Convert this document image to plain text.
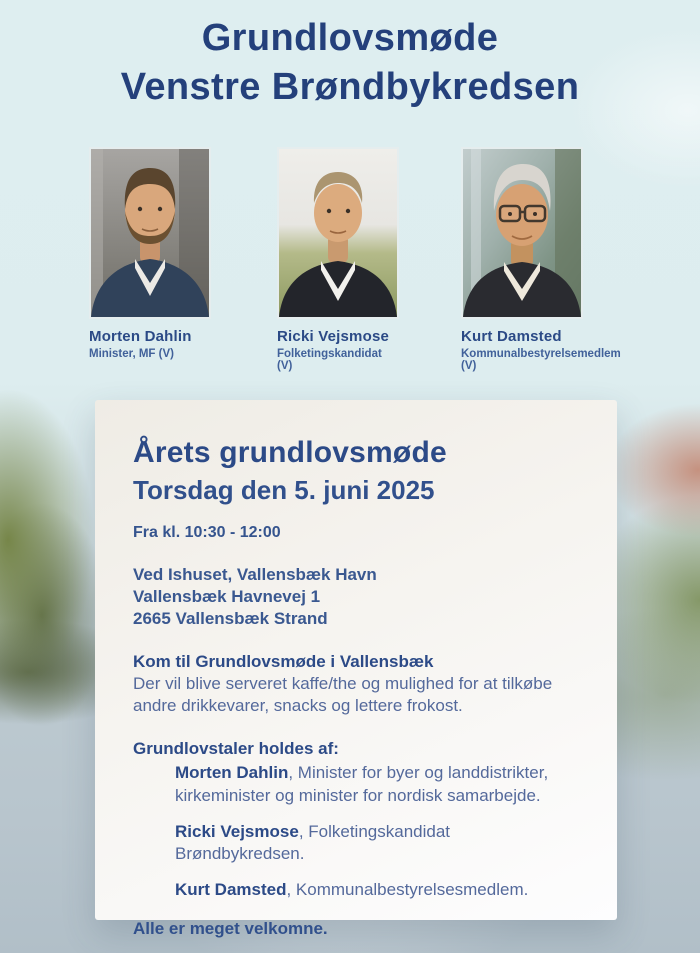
Grundlovsmøde
Venstre Brøndbykredsen
Morten Dahlin
Minister, MF (V)
Ricki Vejsmose
Folketingskandidat (V)
Kurt Damsted
Kommunalbestyrelsemedlem (V)
Årets grundlovsmøde
Torsdag den 5. juni 2025
Fra kl. 10:30 - 12:00
Ved Ishuset, Vallensbæk Havn
Vallensbæk Havnevej 1
2665 Vallensbæk Strand
Kom til Grundlovsmøde i Vallensbæk
Der vil blive serveret kaffe/the og mulighed for at tilkøbe andre drikkevarer, snacks og lettere frokost.
Grundlovstaler holdes af:
Morten Dahlin, Minister for byer og landdistrikter, kirkeminister og minister for nordisk samarbejde.
Ricki Vejsmose, Folketingskandidat Brøndbykredsen.
Kurt Damsted, Kommunalbestyrelsesmedlem.
Alle er meget velkomne.
